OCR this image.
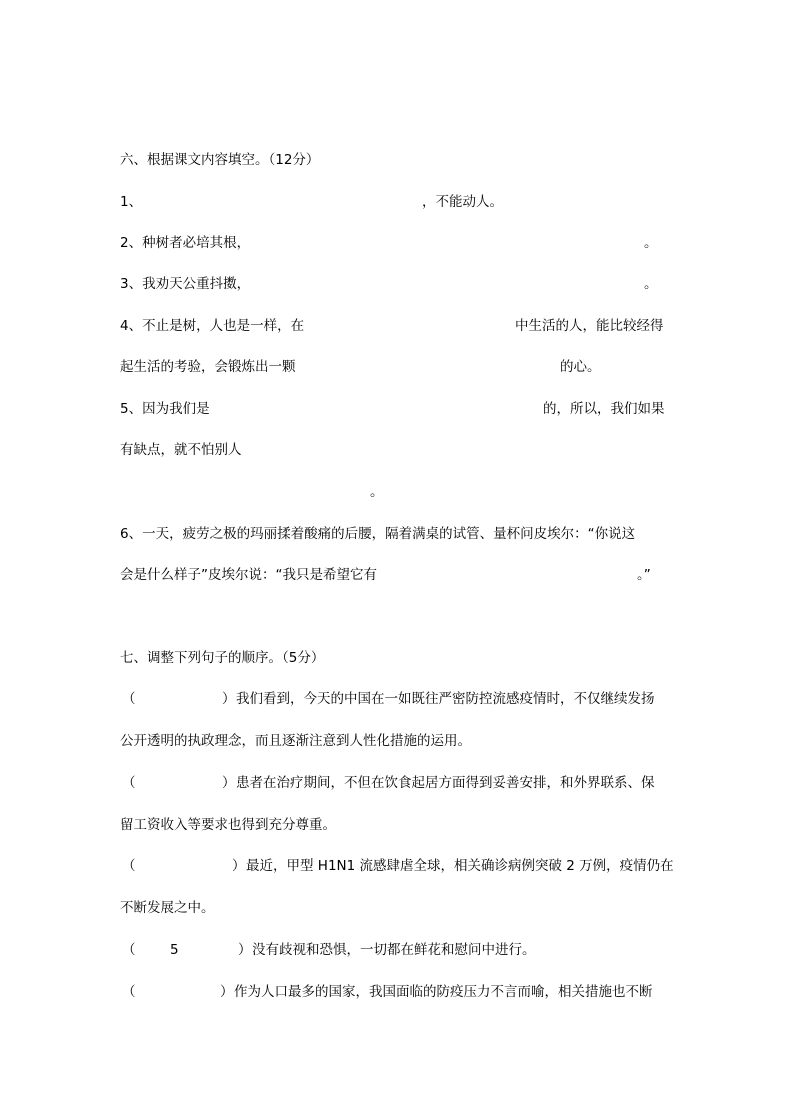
六、根据课文内容填空。（12分）
1、	，不能动人。
2、种树者必培其根，	。
3、我劝天公重抖擞，	。
4、不止是树，人也是一样，在	中生活的人，能比较经得
起生活的考验，会锻炼出一颗	的心。
5、因为我们是	的，所以，我们如果
有缺点，就不怕别人
。
6、一天，疲劳之极的玛丽揉着酸痛的后腰，隔着满桌的试管、量杯问皮埃尔：“你说这
会是什么样子”皮埃尔说：“我只是希望它有	。”
七、调整下列句子的顺序。（5分）
（	） 我们看到，今天的中国在一如既往严密防控流感疫情时，不仅继续发扬
公开透明的执政理念，而且逐渐注意到人性化措施的运用。
（	） 患者在治疗期间，不但在饮食起居方面得到妥善安排，和外界联系、保
留工资收入等要求也得到充分尊重。
（	） 最近，甲型 H1N1 流感肆虐全球，相关确诊病例突破 2 万例，疫情仍在
不断发展之中。
（	5	） 没有歧视和恐惧，一切都在鲜花和慰问中进行。
（	） 作为人口最多的国家，我国面临的防疫压力不言而喻，相关措施也不断
